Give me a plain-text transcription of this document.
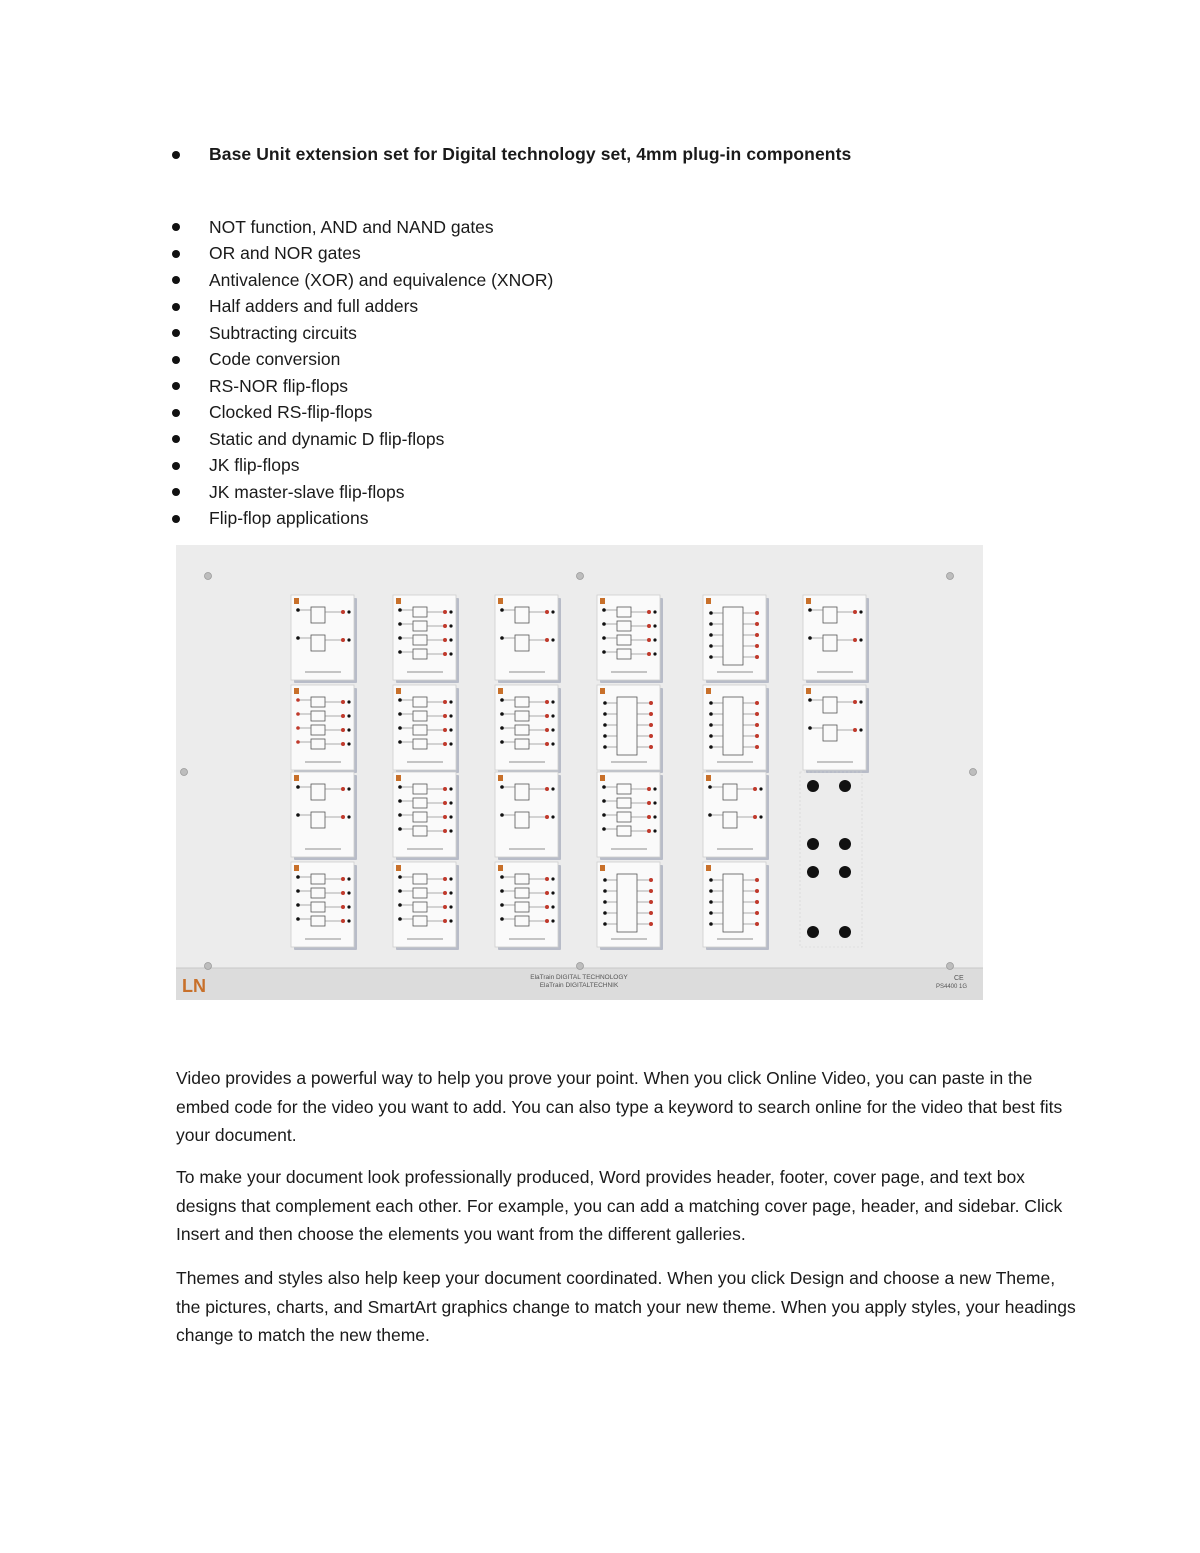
Base Unit extension set for Digital technology set, 4mm plug-in components
NOT function, AND and NAND gates
OR and NOR gates
Antivalence (XOR) and equivalence (XNOR)
Half adders and full adders
Subtracting circuits
Code conversion
RS-NOR flip-flops
Clocked RS-flip-flops
Static and dynamic D flip-flops
JK flip-flops
JK master-slave flip-flops
Flip-flop applications
LN	ElaTrain DIGITAL TECHNOLOGY
ElaTrain DIGITALTECHNIK
CE
PS4400 1G

Video provides a powerful way to help you prove your point. When you click Online Video, you can paste in the embed code for the video you want to add. You can also type a keyword to search online for the video that best fits your document.

To make your document look professionally produced, Word provides header, footer, cover page, and text box designs that complement each other. For example, you can add a matching cover page, header, and sidebar. Click Insert and then choose the elements you want from the different galleries.

Themes and styles also help keep your document coordinated. When you click Design and choose a new Theme, the pictures, charts, and SmartArt graphics change to match your new theme. When you apply styles, your headings change to match the new theme.
